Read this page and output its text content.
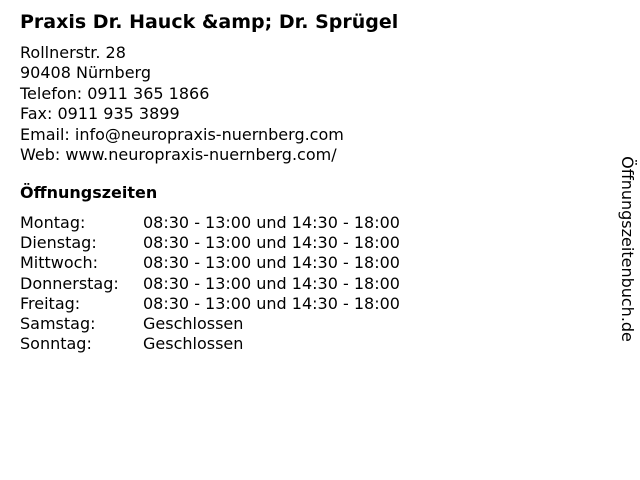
Praxis Dr. Hauck &amp; Dr. Sprügel
Rollnerstr. 28
90408 Nürnberg
Telefon: 0911 365 1866
Fax: 0911 935 3899
Email: info@neuropraxis-nuernberg.com
Web: www.neuropraxis-nuernberg.com/
Öffnungszeiten
Montag:	08:30 - 13:00 und 14:30 - 18:00
Dienstag:	08:30 - 13:00 und 14:30 - 18:00
Mittwoch:	08:30 - 13:00 und 14:30 - 18:00
Donnerstag:	08:30 - 13:00 und 14:30 - 18:00
Freitag:	08:30 - 13:00 und 14:30 - 18:00
Samstag:	Geschlossen
Sonntag:	Geschlossen
Öffnungszeitenbuch.de
